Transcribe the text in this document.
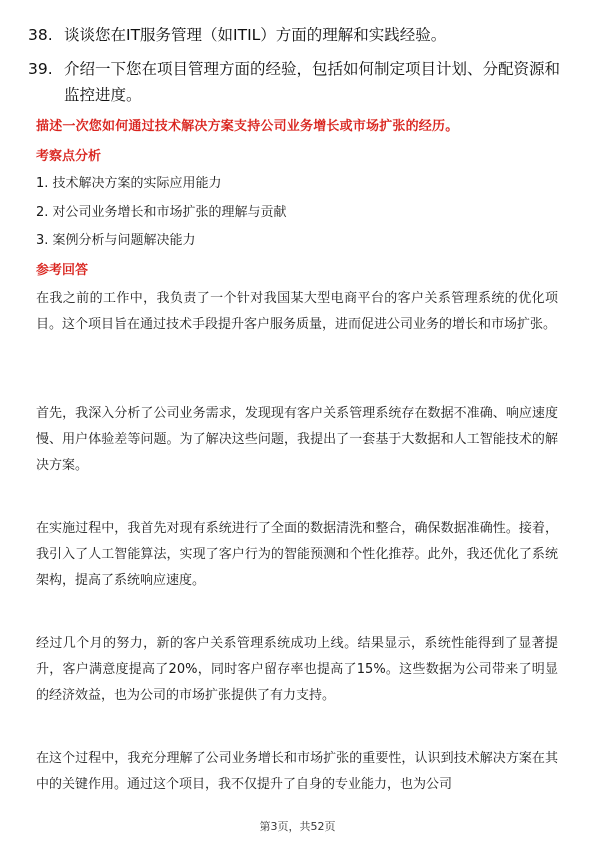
38. 谈谈您在IT服务管理（如ITIL）方面的理解和实践经验。
39. 介绍一下您在项目管理方面的经验，包括如何制定项目计划、分配资源和监控进度。
描述一次您如何通过技术解决方案支持公司业务增长或市场扩张的经历。
考察点分析
1. 技术解决方案的实际应用能力
2. 对公司业务增长和市场扩张的理解与贡献
3. 案例分析与问题解决能力
参考回答
在我之前的工作中，我负责了一个针对我国某大型电商平台的客户关系管理系统的优化项目。这个项目旨在通过技术手段提升客户服务质量，进而促进公司业务的增长和市场扩张。
首先，我深入分析了公司业务需求，发现现有客户关系管理系统存在数据不准确、响应速度慢、用户体验差等问题。为了解决这些问题，我提出了一套基于大数据和人工智能技术的解决方案。
在实施过程中，我首先对现有系统进行了全面的数据清洗和整合，确保数据准确性。接着，我引入了人工智能算法，实现了客户行为的智能预测和个性化推荐。此外，我还优化了系统架构，提高了系统响应速度。
经过几个月的努力，新的客户关系管理系统成功上线。结果显示，系统性能得到了显著提升，客户满意度提高了20%，同时客户留存率也提高了15%。这些数据为公司带来了明显的经济效益，也为公司的市场扩张提供了有力支持。
在这个过程中，我充分理解了公司业务增长和市场扩张的重要性，认识到技术解决方案在其中的关键作用。通过这个项目，我不仅提升了自身的专业能力，也为公司
第3页，共52页
